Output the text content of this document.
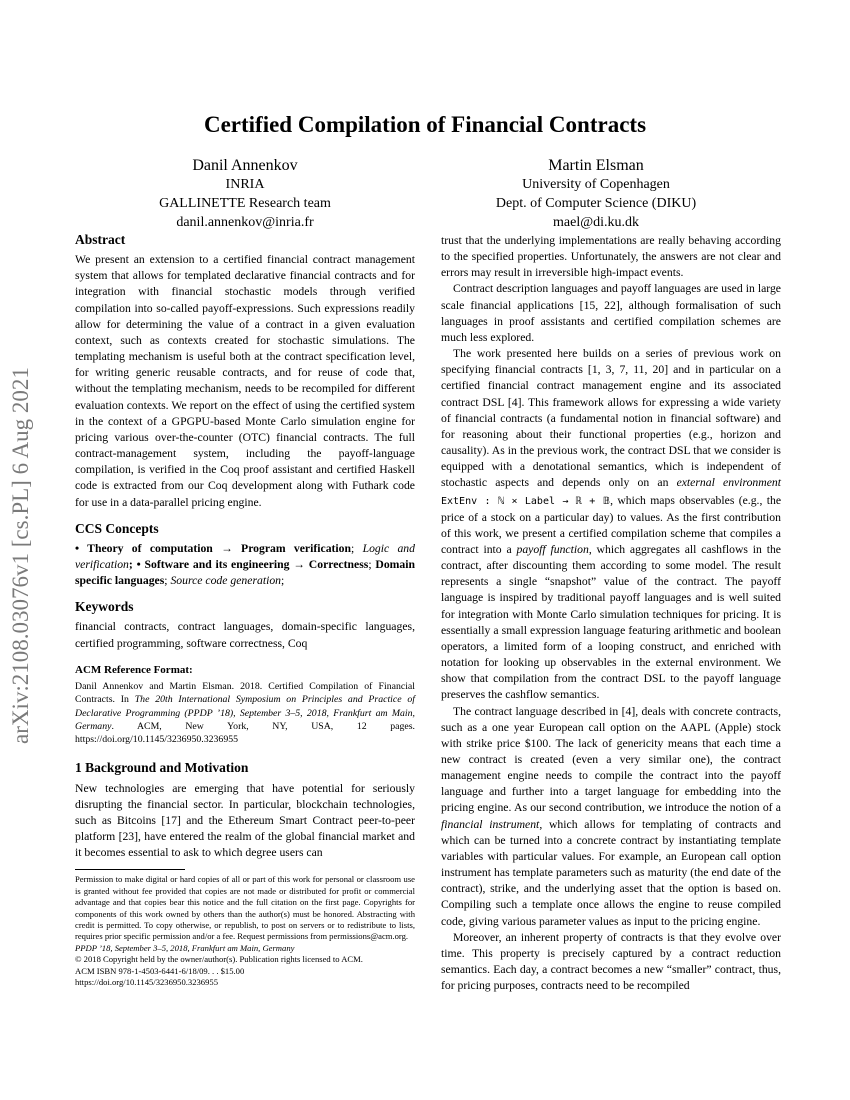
arXiv:2108.03076v1 [cs.PL] 6 Aug 2021
Certified Compilation of Financial Contracts
Danil Annenkov
INRIA
GALLINETTE Research team
danil.annenkov@inria.fr
Martin Elsman
University of Copenhagen
Dept. of Computer Science (DIKU)
mael@di.ku.dk
Abstract

We present an extension to a certified financial contract management system that allows for templated declarative financial contracts and for integration with financial stochastic models through verified compilation into so-called payoff-expressions. Such expressions readily allow for determining the value of a contract in a given evaluation context, such as contexts created for stochastic simulations. The templating mechanism is useful both at the contract specification level, for writing generic reusable contracts, and for reuse of code that, without the templating mechanism, needs to be recompiled for different evaluation contexts. We report on the effect of using the certified system in the context of a GPGPU-based Monte Carlo simulation engine for pricing various over-the-counter (OTC) financial contracts. The full contract-management system, including the payoff-language compilation, is verified in the Coq proof assistant and certified Haskell code is extracted from our Coq development along with Futhark code for use in a data-parallel pricing engine.

CCS Concepts

• Theory of computation → Program verification; Logic and verification; • Software and its engineering → Correctness; Domain specific languages; Source code generation;

Keywords

financial contracts, contract languages, domain-specific languages, certified programming, software correctness, Coq

ACM Reference Format:

Danil Annenkov and Martin Elsman. 2018. Certified Compilation of Financial Contracts. In The 20th International Symposium on Principles and Practice of Declarative Programming (PPDP ’18), September 3–5, 2018, Frankfurt am Main, Germany. ACM, New York, NY, USA, 12 pages. https://doi.org/10.1145/3236950.3236955

1 Background and Motivation

New technologies are emerging that have potential for seriously disrupting the financial sector. In particular, blockchain technologies, such as Bitcoins [17] and the Ethereum Smart Contract peer-to-peer platform [23], have entered the realm of the global financial market and it becomes essential to ask to which degree users can

Permission to make digital or hard copies of all or part of this work for personal or classroom use is granted without fee provided that copies are not made or distributed for profit or commercial advantage and that copies bear this notice and the full citation on the first page. Copyrights for components of this work owned by others than the author(s) must be honored. Abstracting with credit is permitted. To copy otherwise, or republish, to post on servers or to redistribute to lists, requires prior specific permission and/or a fee. Request permissions from permissions@acm.org.

PPDP ’18, September 3–5, 2018, Frankfurt am Main, Germany

© 2018 Copyright held by the owner/author(s). Publication rights licensed to ACM.

ACM ISBN 978-1-4503-6441-6/18/09. . . $15.00

https://doi.org/10.1145/3236950.3236955

trust that the underlying implementations are really behaving according to the specified properties. Unfortunately, the answers are not clear and errors may result in irreversible high-impact events.

Contract description languages and payoff languages are used in large scale financial applications [15, 22], although formalisation of such languages in proof assistants and certified compilation schemes are much less explored.

The work presented here builds on a series of previous work on specifying financial contracts [1, 3, 7, 11, 20] and in particular on a certified financial contract management engine and its associated contract DSL [4]. This framework allows for expressing a wide variety of financial contracts (a fundamental notion in financial software) and for reasoning about their functional properties (e.g., horizon and causality). As in the previous work, the contract DSL that we consider is equipped with a denotational semantics, which is independent of stochastic aspects and depends only on an external environment ExtEnv : ℕ × Label → ℝ + 𝔹, which maps observables (e.g., the price of a stock on a particular day) to values. As the first contribution of this work, we present a certified compilation scheme that compiles a contract into a payoff function, which aggregates all cashflows in the contract, after discounting them according to some model. The result represents a single “snapshot” value of the contract. The payoff language is inspired by traditional payoff languages and is well suited for integration with Monte Carlo simulation techniques for pricing. It is essentially a small expression language featuring arithmetic and boolean operators, a limited form of a looping construct, and enriched with notation for looking up observables in the external environment. We show that compilation from the contract DSL to the payoff language preserves the cashflow semantics.

The contract language described in [4], deals with concrete contracts, such as a one year European call option on the AAPL (Apple) stock with strike price $100. The lack of genericity means that each time a new contract is created (even a very similar one), the contract management engine needs to compile the contract into the payoff language and further into a target language for embedding into the pricing engine. As our second contribution, we introduce the notion of a financial instrument, which allows for templating of contracts and which can be turned into a concrete contract by instantiating template variables with particular values. For example, an European call option instrument has template parameters such as maturity (the end date of the contract), strike, and the underlying asset that the option is based on. Compiling such a template once allows the engine to reuse compiled code, giving various parameter values as input to the pricing engine.

Moreover, an inherent property of contracts is that they evolve over time. This property is precisely captured by a contract reduction semantics. Each day, a contract becomes a new “smaller” contract, thus, for pricing purposes, contracts need to be recompiled
